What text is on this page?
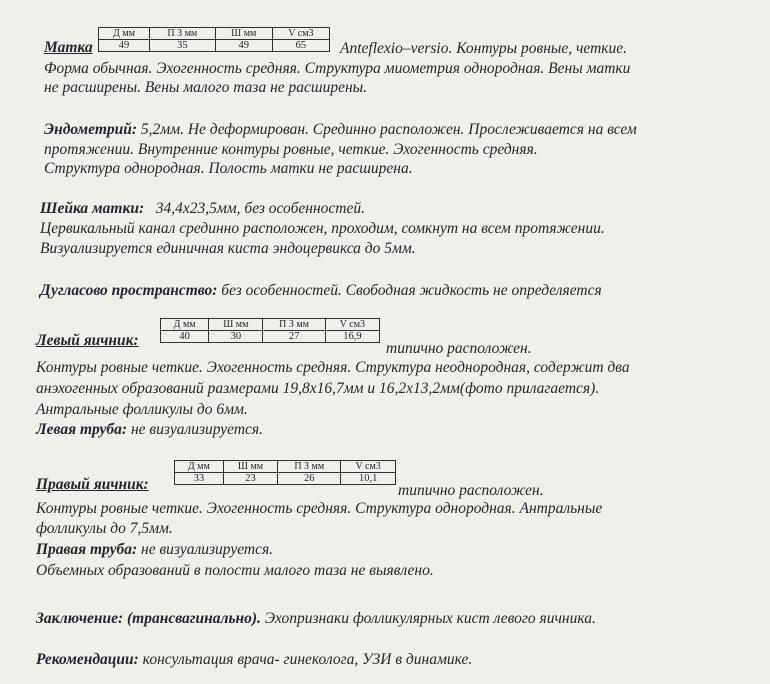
Д мм	П З мм	Ш мм	V см3
49	35	49	65
Матка	Anteflexio–versio. Контуры ровные, четкие.
Форма обычная. Эхогенность средняя. Структура миометрия однородная. Вены матки
не расширены. Вены малого таза не расширены.
Эндометрий: 5,2мм. Не деформирован. Срединно расположен. Прослеживается на всем
протяжении. Внутренние контуры ровные, четкие. Эхогенность средняя.
Структура однородная. Полость матки не расширена.
Шейка матки: 34,4х23,5мм, без особенностей.
Цервикальный канал срединно расположен, проходим, сомкнут на всем протяжении.
Визуализируется единичная киста эндоцервикса до 5мм.
Дугласово пространство: без особенностей. Свободная жидкость не определяется
Д мм	Ш мм	П З мм	V см3
40	30	27	16,9
Левый яичник:	типично расположен.
Контуры ровные четкие. Эхогенность средняя. Структура неоднородная, содержит два
анэхогенных образований размерами 19,8х16,7мм и 16,2х13,2мм(фото прилагается).
Антральные фолликулы до 6мм.
Левая труба: не визуализируется.
Д мм	Ш мм	П З мм	V см3
33	23	26	10,1
Правый яичник:	типично расположен.
Контуры ровные четкие. Эхогенность средняя. Структура однородная. Антральные
фолликулы до 7,5мм.
Правая труба: не визуализируется.
Объемных образований в полости малого таза не выявлено.
Заключение: (трансвагинально). Эхопризнаки фолликулярных кист левого яичника.
Рекомендации: консультация врача- гинеколога, УЗИ в динамике.
